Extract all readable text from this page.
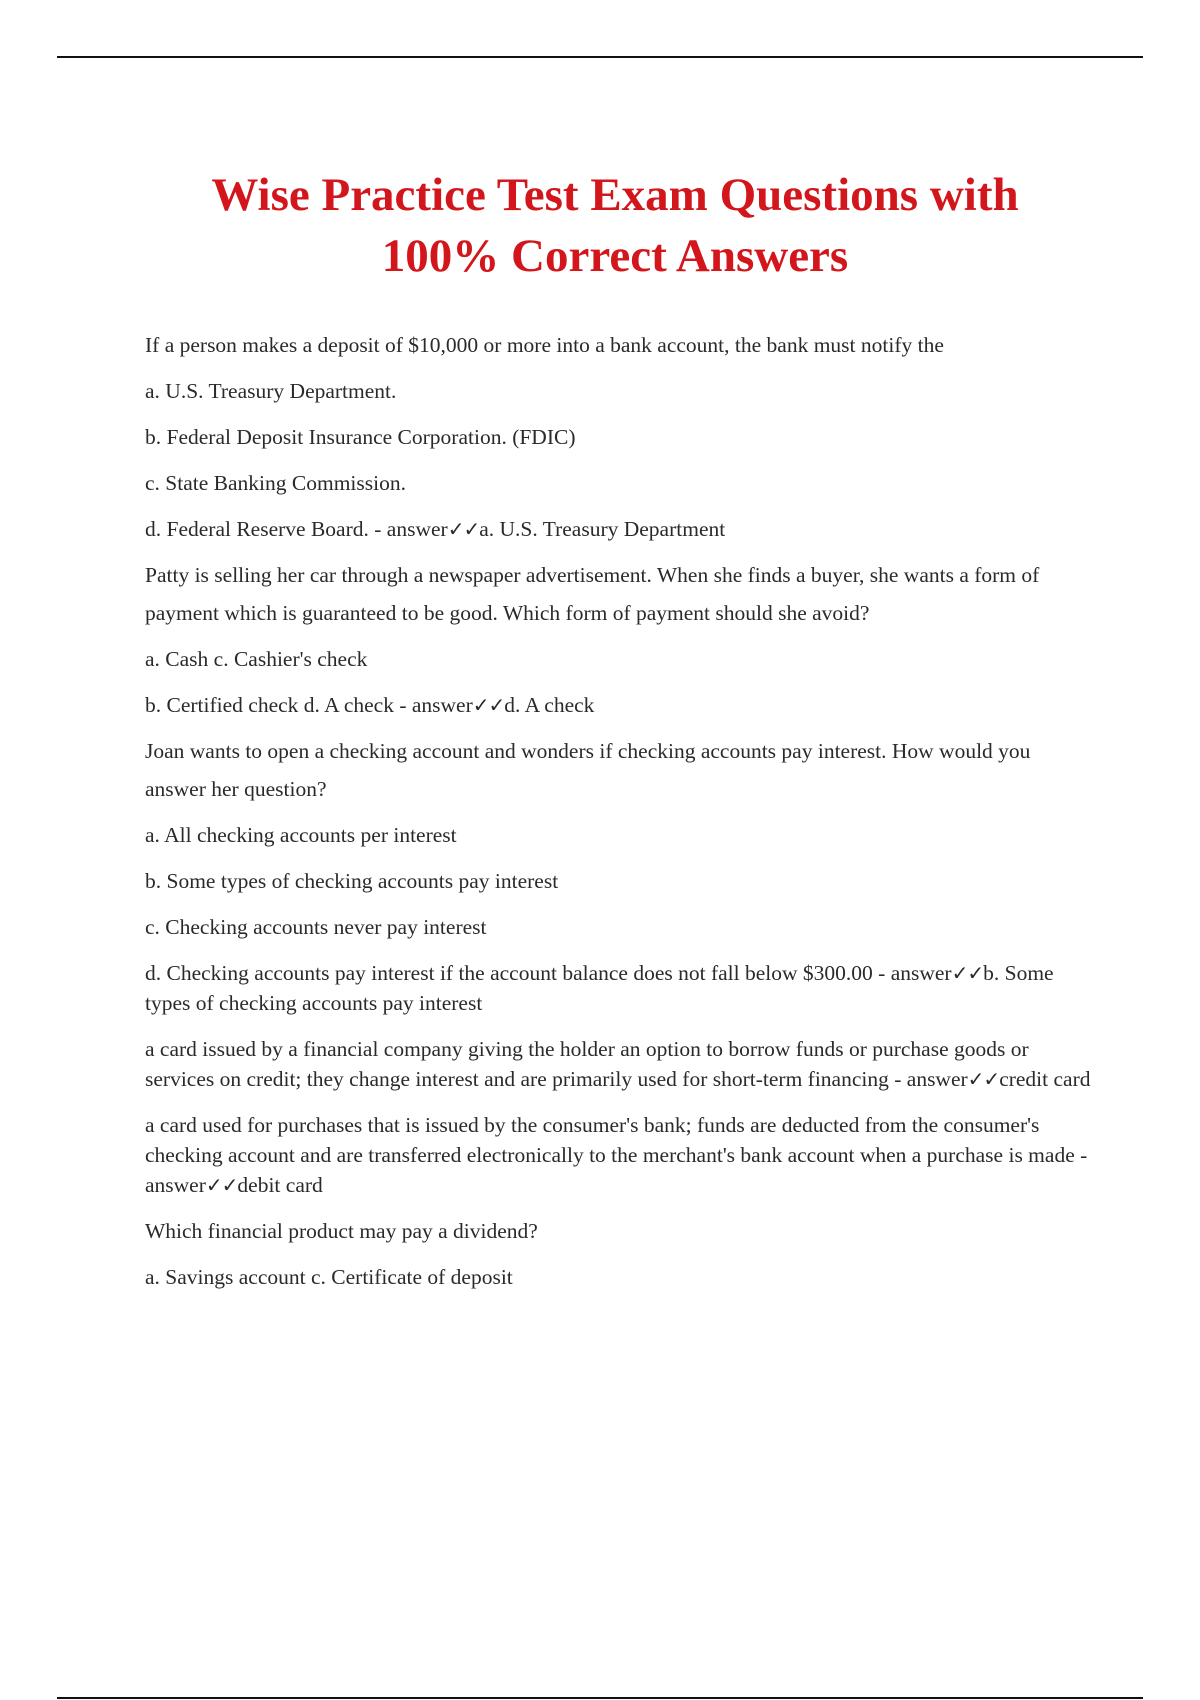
Wise Practice Test Exam Questions with
100% Correct Answers

If a person makes a deposit of $10,000 or more into a bank account, the bank must notify the

a. U.S. Treasury Department.

b. Federal Deposit Insurance Corporation. (FDIC)

c. State Banking Commission.

d. Federal Reserve Board. - answer✓✓a. U.S. Treasury Department

Patty is selling her car through a newspaper advertisement. When she finds a buyer, she wants a form of

payment which is guaranteed to be good. Which form of payment should she avoid?

a. Cash c. Cashier's check

b. Certified check d. A check - answer✓✓d. A check

Joan wants to open a checking account and wonders if checking accounts pay interest. How would you

answer her question?

a. All checking accounts per interest

b. Some types of checking accounts pay interest

c. Checking accounts never pay interest

d. Checking accounts pay interest if the account balance does not fall below $300.00 - answer✓✓b. Some types of checking accounts pay interest

a card issued by a financial company giving the holder an option to borrow funds or purchase goods or services on credit; they change interest and are primarily used for short-term financing - answer✓✓credit card

a card used for purchases that is issued by the consumer's bank; funds are deducted from the consumer's checking account and are transferred electronically to the merchant's bank account when a purchase is made - answer✓✓debit card

Which financial product may pay a dividend?

a. Savings account c. Certificate of deposit
